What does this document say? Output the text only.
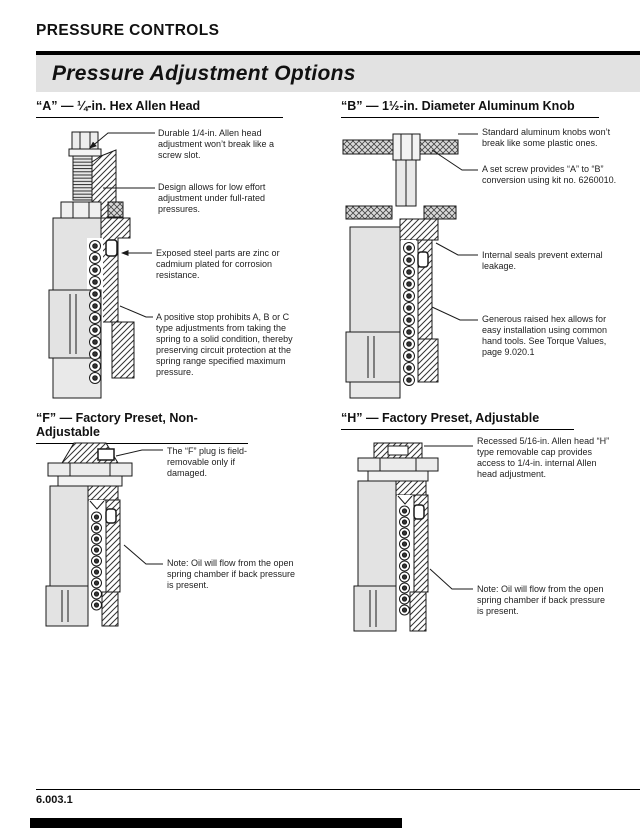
PRESSURE CONTROLS
Pressure Adjustment Options
“A” — ¼-in. Hex Allen Head	“B” — 1½-in. Diameter Aluminum Knob
“F” — Factory Preset, Non-Adjustable
“H” — Factory Preset, Adjustable
Durable 1/4-in. Allen head adjustment won’t break like a screw slot.
Design allows for low effort adjustment under full-rated pressures.
Exposed steel parts are zinc or cadmium plated for corrosion resistance.
A positive stop prohibits A, B or C type adjustments from taking the spring to a solid condition, thereby preserving circuit protection at the spring range specified maximum pressure.
Standard aluminum knobs won’t break like some plastic ones.
A set screw provides “A” to “B” conversion using kit no. 6260010.
Internal seals prevent external leakage.
Generous raised hex allows for easy installation using common hand tools. See Torque Values, page 9.020.1
The “F” plug is field-removable only if damaged.
Note: Oil will flow from the open spring chamber if back pressure is present.
Recessed 5/16-in. Allen head “H” type removable cap provides access to 1/4-in. internal Allen head adjustment.
Note: Oil will flow from the open spring chamber if back pressure is present.
6.003.1
